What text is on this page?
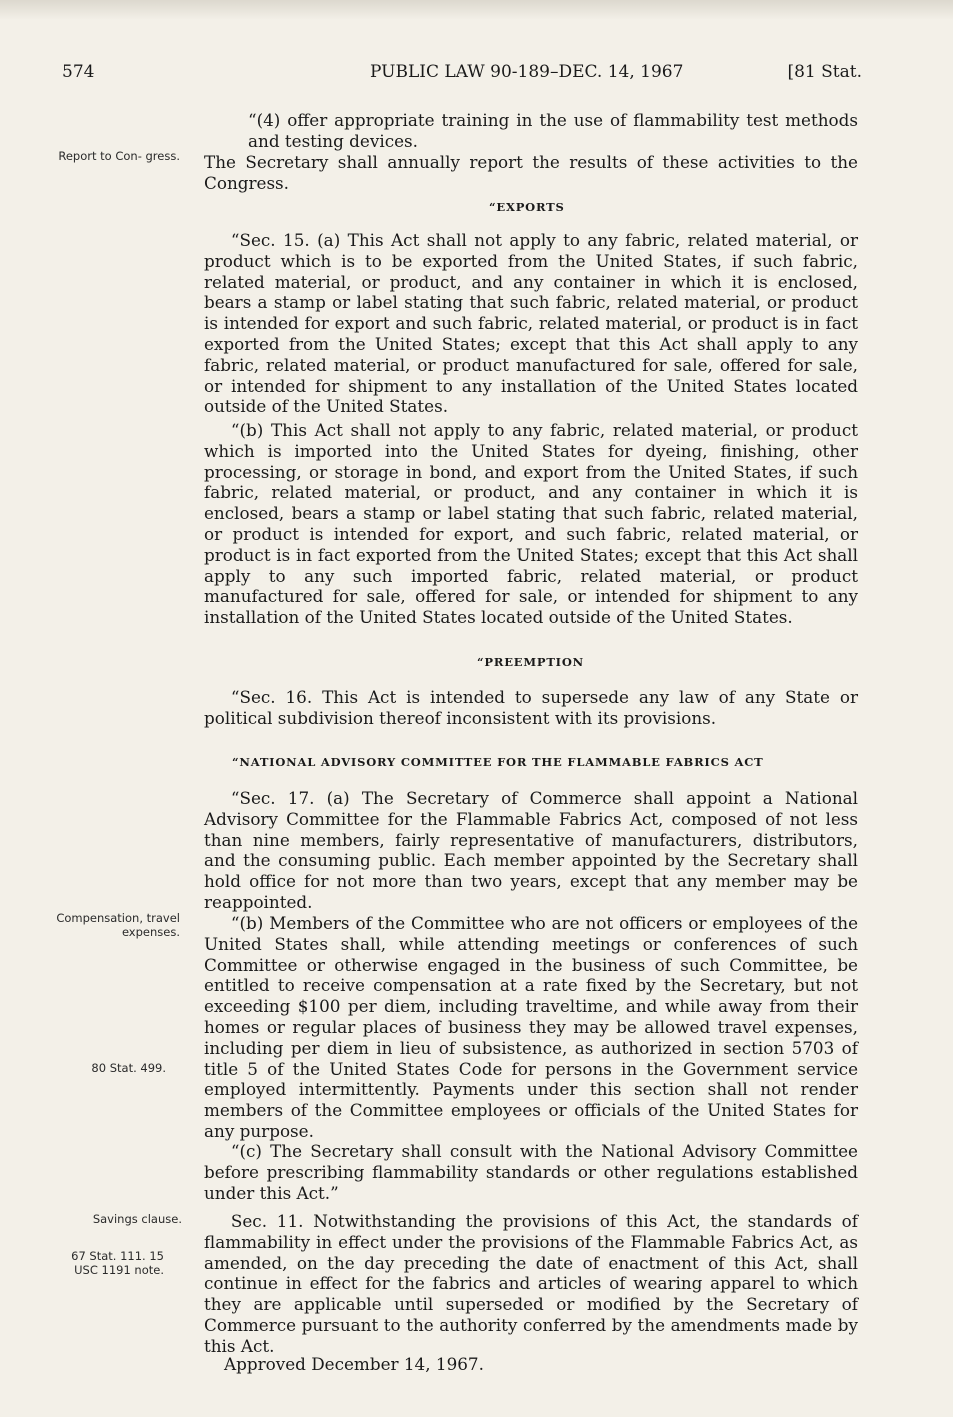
574	PUBLIC LAW 90-189–DEC. 14, 1967	[81 Stat.
Report to Con- gress.
Compensation, travel expenses.
80 Stat. 499.
Savings clause.
67 Stat. 111. 15 USC 1191 note.

“(4) offer appropriate training in the use of flammability test methods and testing devices.

The Secretary shall annually report the results of these activities to the Congress.

“EXPORTS

“Sec. 15. (a) This Act shall not apply to any fabric, related material, or product which is to be exported from the United States, if such fabric, related material, or product, and any container in which it is enclosed, bears a stamp or label stating that such fabric, related material, or product is intended for export and such fabric, related material, or product is in fact exported from the United States; except that this Act shall apply to any fabric, related material, or product manufactured for sale, offered for sale, or intended for shipment to any installation of the United States located outside of the United States.

“(b) This Act shall not apply to any fabric, related material, or product which is imported into the United States for dyeing, finishing, other processing, or storage in bond, and export from the United States, if such fabric, related material, or product, and any container in which it is enclosed, bears a stamp or label stating that such fabric, related material, or product is intended for export, and such fabric, related material, or product is in fact exported from the United States; except that this Act shall apply to any such imported fabric, related material, or product manufactured for sale, offered for sale, or intended for shipment to any installation of the United States located outside of the United States.

“PREEMPTION

“Sec. 16. This Act is intended to supersede any law of any State or political subdivision thereof inconsistent with its provisions.

“NATIONAL ADVISORY COMMITTEE FOR THE FLAMMABLE FABRICS ACT

“Sec. 17. (a) The Secretary of Commerce shall appoint a National Advisory Committee for the Flammable Fabrics Act, composed of not less than nine members, fairly representative of manufacturers, distributors, and the consuming public. Each member appointed by the Secretary shall hold office for not more than two years, except that any member may be reappointed.

“(b) Members of the Committee who are not officers or employees of the United States shall, while attending meetings or conferences of such Committee or otherwise engaged in the business of such Committee, be entitled to receive compensation at a rate fixed by the Secretary, but not exceeding $100 per diem, including traveltime, and while away from their homes or regular places of business they may be allowed travel expenses, including per diem in lieu of subsistence, as authorized in section 5703 of title 5 of the United States Code for persons in the Government service employed intermittently. Payments under this section shall not render members of the Committee employees or officials of the United States for any purpose.

“(c) The Secretary shall consult with the National Advisory Committee before prescribing flammability standards or other regulations established under this Act.”

Sec. 11. Notwithstanding the provisions of this Act, the standards of flammability in effect under the provisions of the Flammable Fabrics Act, as amended, on the day preceding the date of enactment of this Act, shall continue in effect for the fabrics and articles of wearing apparel to which they are applicable until superseded or modified by the Secretary of Commerce pursuant to the authority conferred by the amendments made by this Act.

Approved December 14, 1967.
